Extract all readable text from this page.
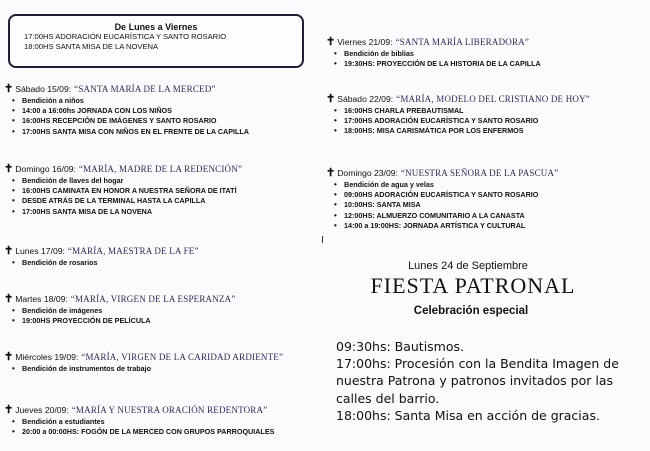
De Lunes a Viernes
17:00HS ADORACIÓN EUCARÍSTICA Y SANTO ROSARIO
18:00HS SANTA MISA DE LA NOVENA
✝ Sábado 15/09: “SANTA MARÍA DE LA MERCED”
• Bendición a niños
• 14:00 a 16:00hs JORNADA CON LOS NIÑOS
• 16:00HS RECEPCIÓN DE IMÁGENES Y SANTO ROSARIO
• 17:00HS SANTA MISA CON NIÑOS EN EL FRENTE DE LA CAPILLA
✝ Domingo 16/09: “MARÍA, MADRE DE LA REDENCIÓN”
• Bendición de llaves del hogar
• 16:00HS CAMINATA EN HONOR A NUESTRA SEÑORA DE ITATÍ
• DESDE ATRÁS DE LA TERMINAL HASTA LA CAPILLA
• 17:00HS SANTA MISA DE LA NOVENA
✝ Lunes 17/09: “MARÍA, MAESTRA DE LA FE”
• Bendición de rosarios
✝ Martes 18/09: “MARÍA, VIRGEN DE LA ESPERANZA”
• Bendición de imágenes
• 19:00HS PROYECCIÓN DE PELÍCULA
✝ Miércoles 19/09: “MARÍA, VIRGEN DE LA CARIDAD ARDIENTE”
• Bendición de instrumentos de trabajo
✝ Jueves 20/09: “MARÍA Y NUESTRA ORACIÓN REDENTORA”
• Bendición a estudiantes
• 20:00 a 00:00HS: FOGÓN DE LA MERCED CON GRUPOS PARROQUIALES
✝ Viernes 21/09: “SANTA MARÍA LIBERADORA”
• Bendición de biblias
• 19:30HS: PROYECCIÓN DE LA HISTORIA DE LA CAPILLA
✝ Sábado 22/09: “MARÍA, MODELO DEL CRISTIANO DE HOY”
• 16:00HS CHARLA PREBAUTISMAL
• 17:00HS ADORACIÓN EUCARÍSTICA Y SANTO ROSARIO
• 18:00HS: MISA CARISMÁTICA POR LOS ENFERMOS
✝ Domingo 23/09: “NUESTRA SEÑORA DE LA PASCUA”
• Bendición de agua y velas
• 09:00HS ADORACIÓN EUCARÍSTICA Y SANTO ROSARIO
• 10:00HS: SANTA MISA
• 12:00HS: ALMUERZO COMUNITARIO A LA CANASTA
• 14:00 a 19:00HS: JORNADA ARTÍSTICA Y CULTURAL
Lunes 24 de Septiembre
FIESTA PATRONAL
Celebración especial
09:30hs: Bautismos.
17:00hs: Procesión con la Bendita Imagen de
nuestra Patrona y patronos invitados por las
calles del barrio.
18:00hs: Santa Misa en acción de gracias.
